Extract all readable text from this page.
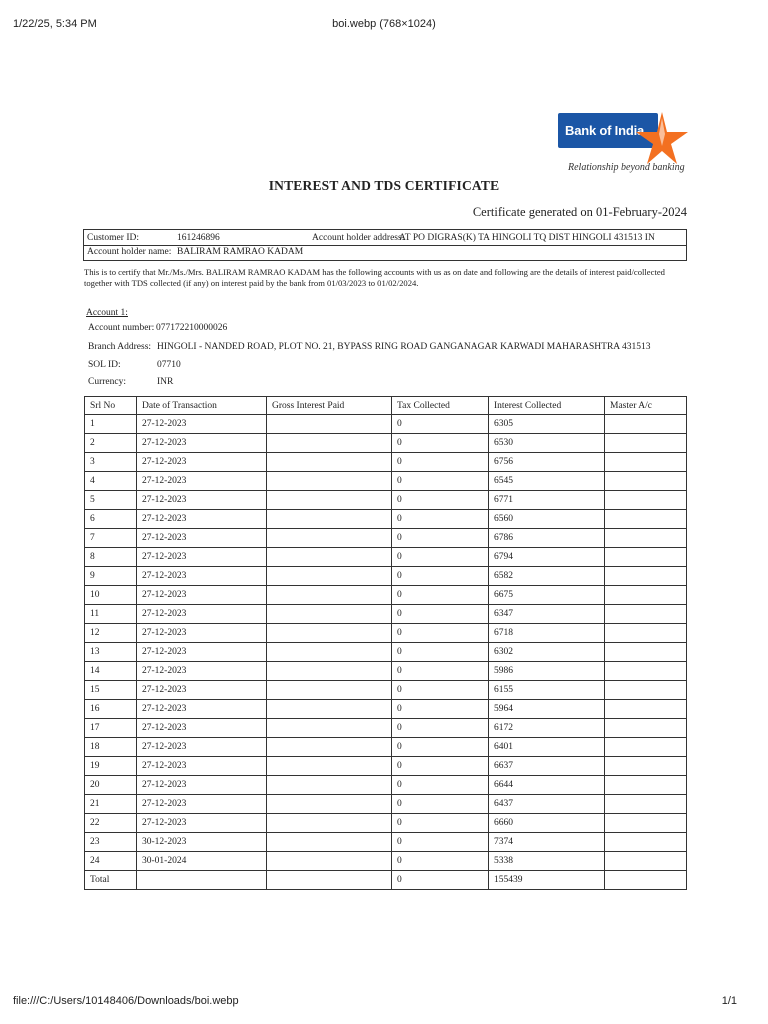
1/22/25, 5:34 PM	boi.webp (768×1024)
Bank of India
Relationship beyond banking
INTEREST AND TDS CERTIFICATE
Certificate generated on 01-February-2024
Customer ID:	161246896	Account holder address:
AT PO DIGRAS(K) TA HINGOLI TQ DIST HINGOLI 431513 IN
Account holder name: BALIRAM RAMRAO KADAM
This is to certify that Mr./Ms./Mrs. BALIRAM RAMRAO KADAM has the following accounts with us as on date and following are the details of interest paid/collected together with TDS collected (if any) on interest paid by the bank from 01/03/2023 to 01/02/2024.
Account 1:
Account number: 077172210000026
Branch Address: HINGOLI - NANDED ROAD, PLOT NO. 21, BYPASS RING ROAD GANGANAGAR KARWADI MAHARASHTRA 431513
SOL ID:	07710
Currency:	INR
Srl No	Date of Transaction	Gross Interest Paid	Tax Collected	Interest Collected	Master A/c
1	27-12-2023		0	6305	
2	27-12-2023		0	6530	
3	27-12-2023		0	6756	
4	27-12-2023		0	6545	
5	27-12-2023		0	6771	
6	27-12-2023		0	6560	
7	27-12-2023		0	6786	
8	27-12-2023		0	6794	
9	27-12-2023		0	6582	
10	27-12-2023		0	6675	
11	27-12-2023		0	6347	
12	27-12-2023		0	6718	
13	27-12-2023		0	6302	
14	27-12-2023		0	5986	
15	27-12-2023		0	6155	
16	27-12-2023		0	5964	
17	27-12-2023		0	6172	
18	27-12-2023		0	6401	
19	27-12-2023		0	6637	
20	27-12-2023		0	6644	
21	27-12-2023		0	6437	
22	27-12-2023		0	6660	
23	30-12-2023		0	7374	
24	30-01-2024		0	5338	
Total			0	155439	
file:///C:/Users/10148406/Downloads/boi.webp	1/1
